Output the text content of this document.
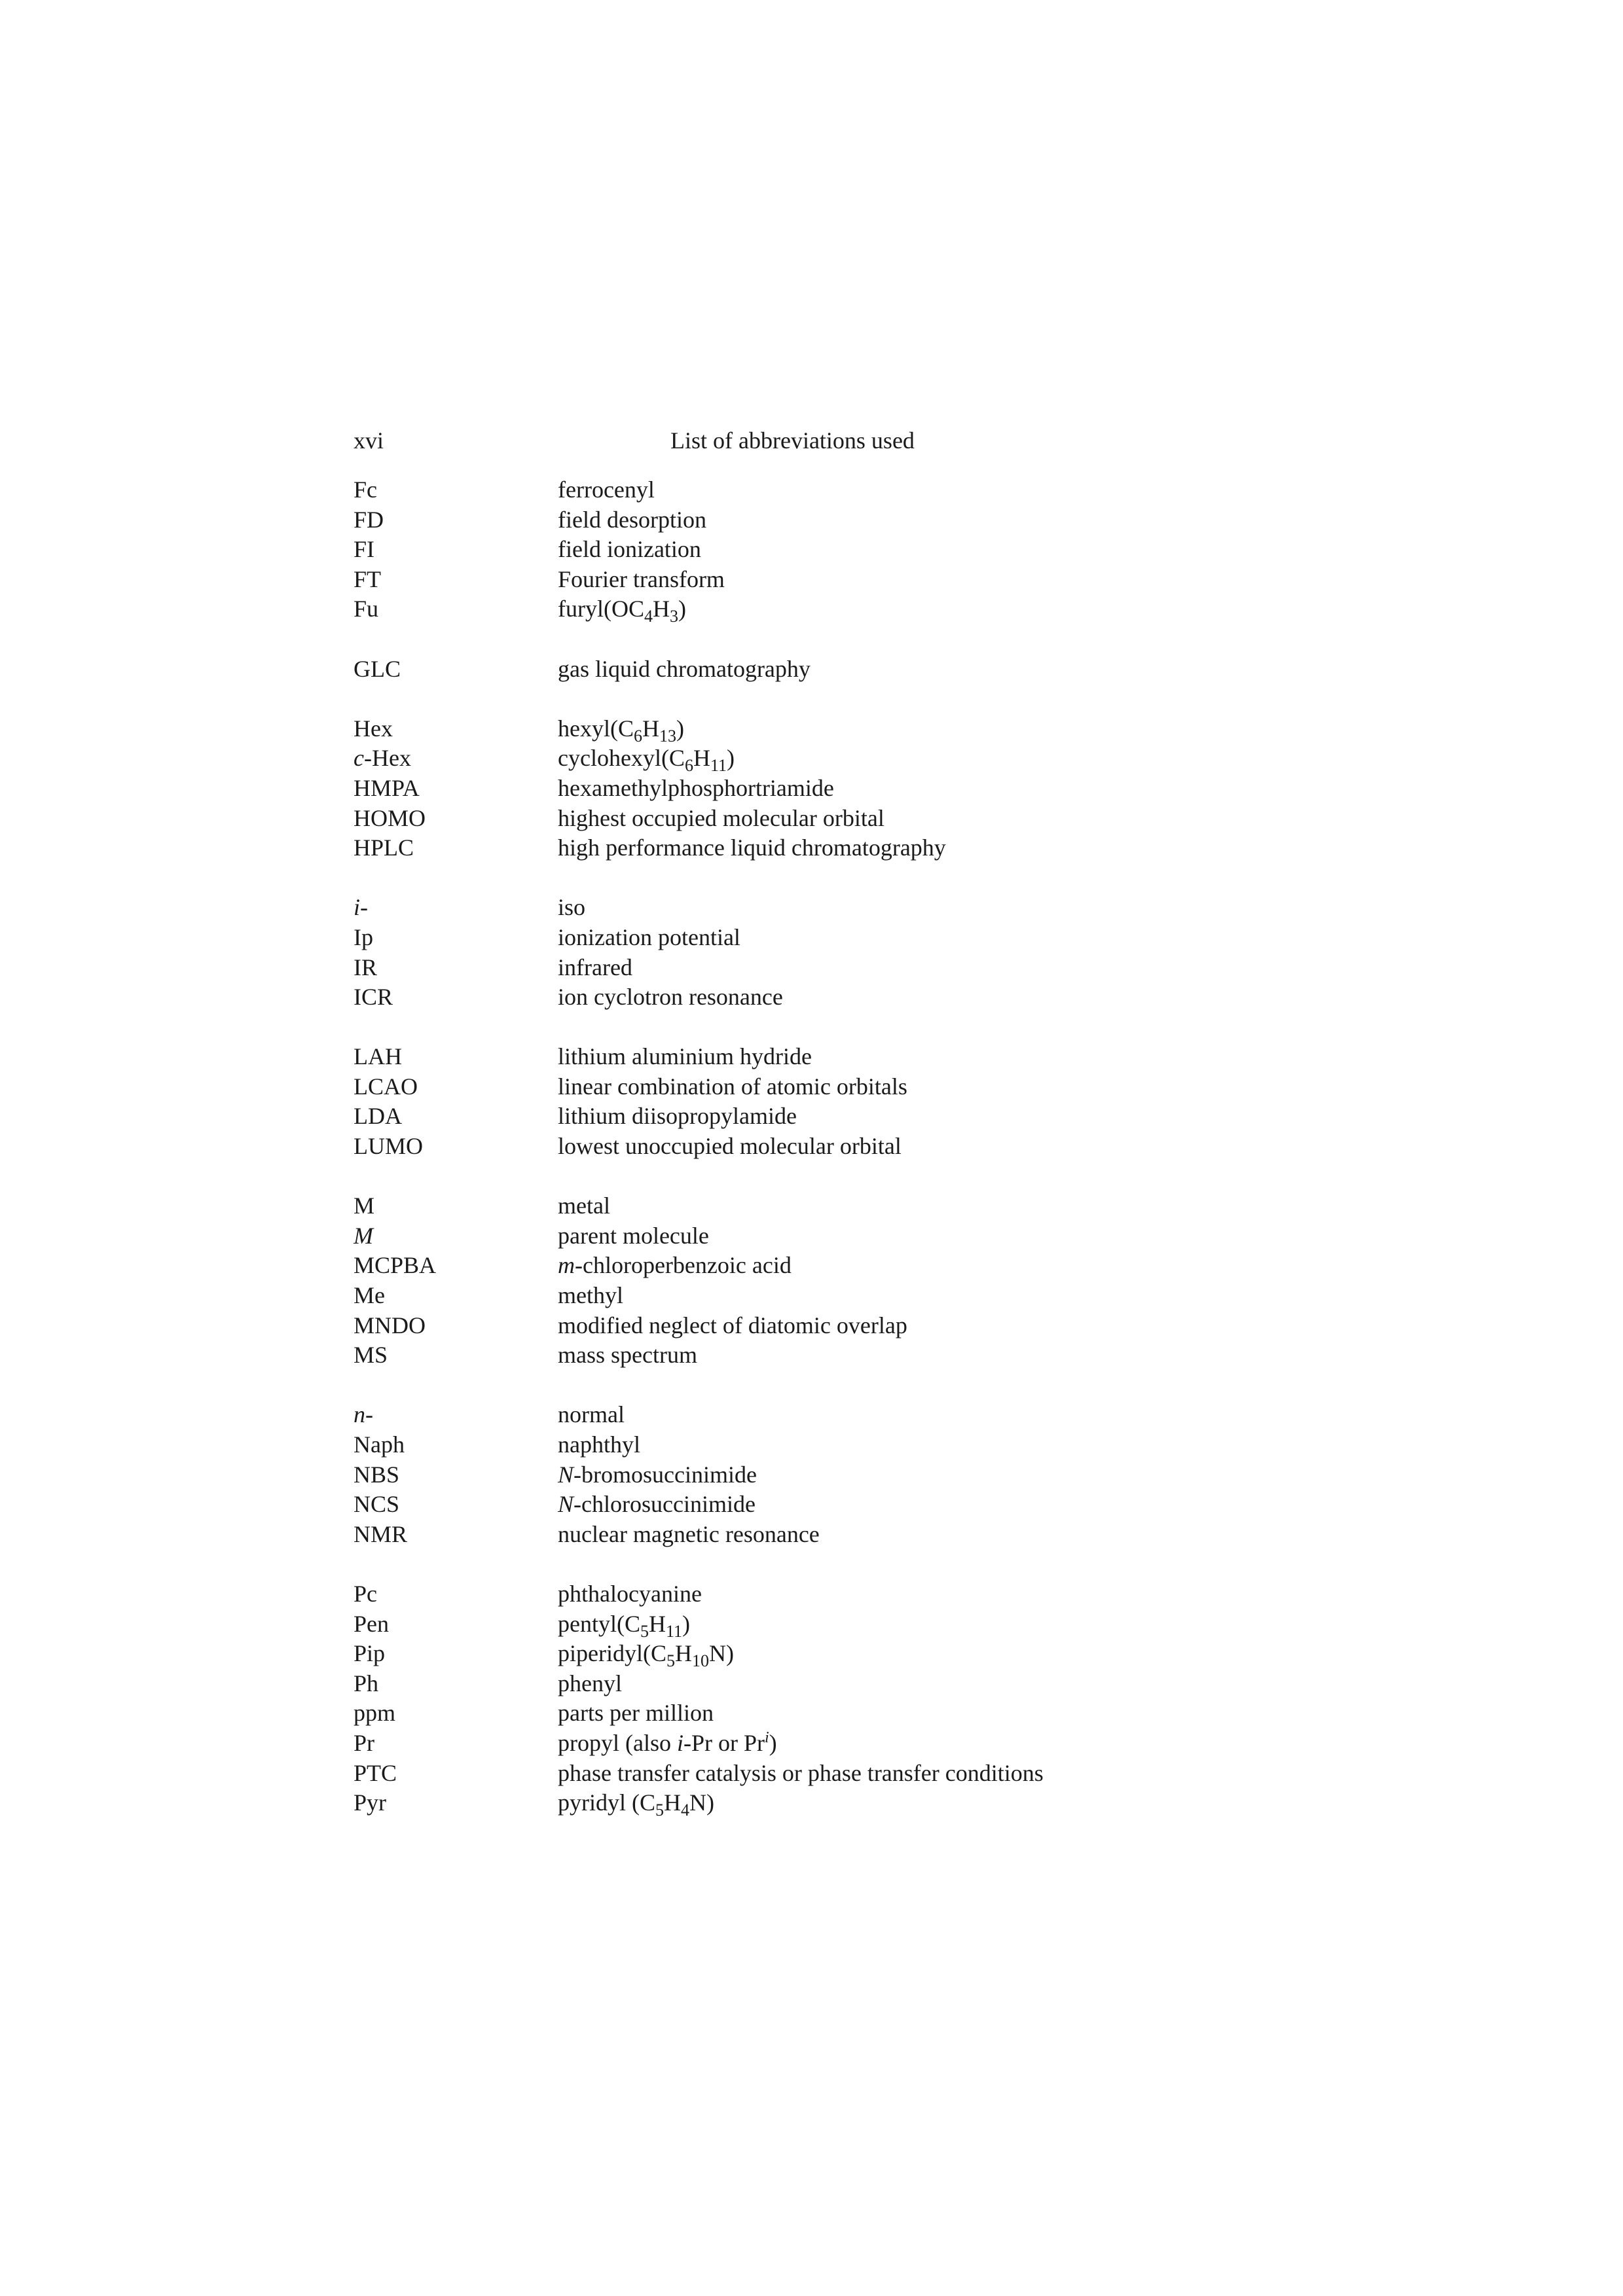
xvi	List of abbreviations used
Fc	ferrocenyl
FD	field desorption
FI	field ionization
FT	Fourier transform
Fu	$furyl(OC_4H_3)$
GLC	gas liquid chromatography
Hex	$hexyl(C_6H_{13})$
c-Hex	$cyclohexyl(C_6H_{11})$
HMPA	hexamethylphosphortriamide
HOMO	highest occupied molecular orbital
HPLC	high performance liquid chromatography
i-	iso
Ip	ionization potential
IR	infrared
ICR	ion cyclotron resonance
LAH	lithium aluminium hydride
LCAO	linear combination of atomic orbitals
LDA	lithium diisopropylamide
LUMO	lowest unoccupied molecular orbital
M	metal
M	parent molecule
MCPBA	m-chloroperbenzoic acid
Me	methyl
MNDO	modified neglect of diatomic overlap
MS	mass spectrum
n-	normal
Naph	naphthyl
NBS	N-bromosuccinimide
NCS	N-chlorosuccinimide
NMR	nuclear magnetic resonance
Pc	phthalocyanine
Pen	$pentyl(C_5H_{11})$
Pip	$piperidyl(C_5H_{10}N)$
Ph	phenyl
ppm	parts per million
Pr	propyl (also i-Pr or Pr$^i$)
PTC	phase transfer catalysis or phase transfer conditions
Pyr	pyridyl $(C_5H_4N)$
